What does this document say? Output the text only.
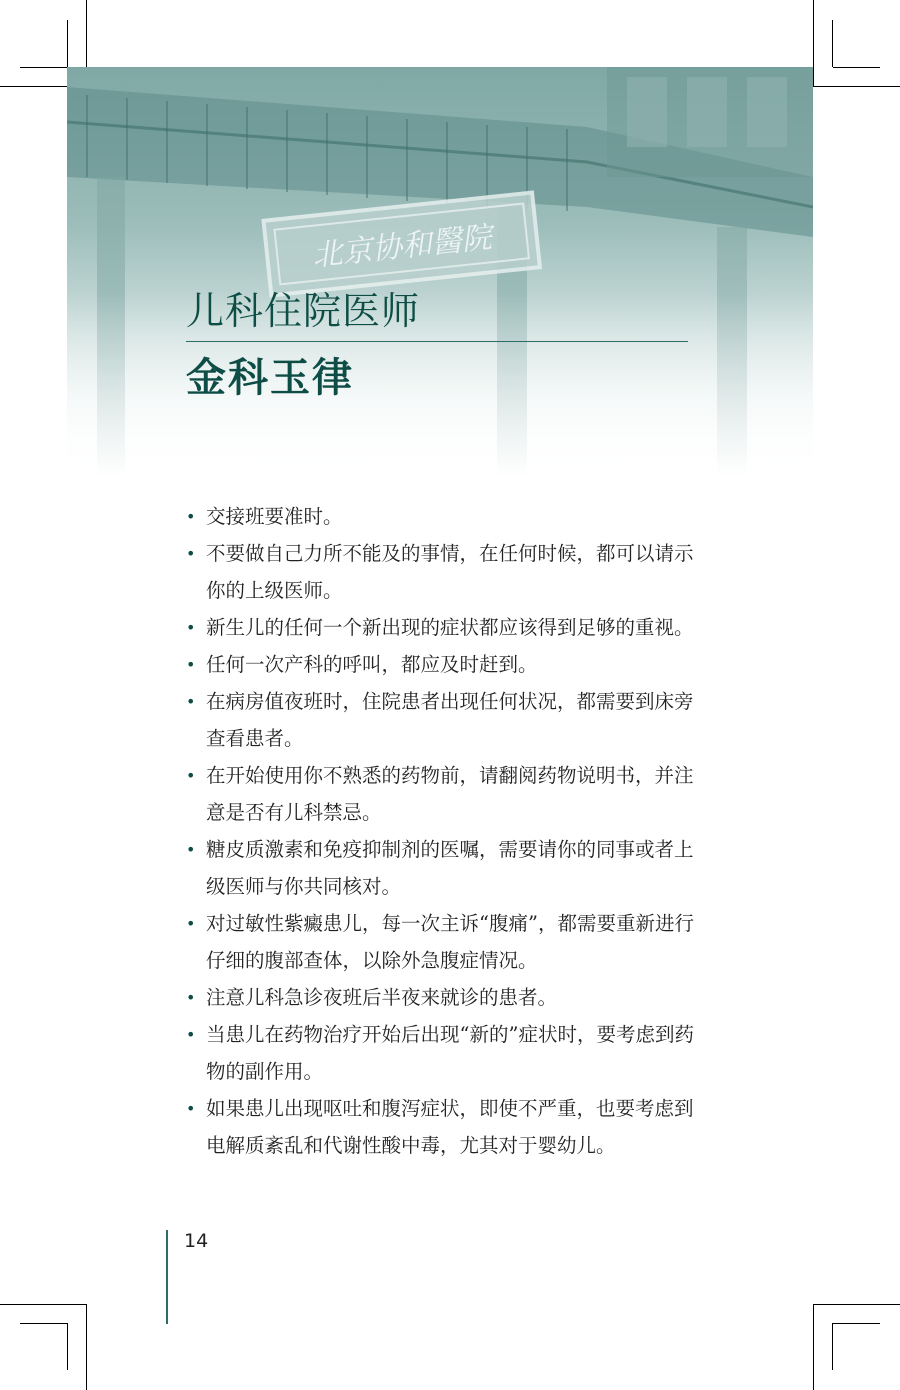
儿科住院医师
金科玉律
• 交接班要准时。
• 不要做自己力所不能及的事情，在任何时候，都可以请示你的上级医师。
• 新生儿的任何一个新出现的症状都应该得到足够的重视。
• 任何一次产科的呼叫，都应及时赶到。
• 在病房值夜班时，住院患者出现任何状况，都需要到床旁查看患者。
• 在开始使用你不熟悉的药物前，请翻阅药物说明书，并注意是否有儿科禁忌。
• 糖皮质激素和免疫抑制剂的医嘱，需要请你的同事或者上级医师与你共同核对。
• 对过敏性紫癜患儿，每一次主诉“腹痛”，都需要重新进行仔细的腹部查体，以除外急腹症情况。
• 注意儿科急诊夜班后半夜来就诊的患者。
• 当患儿在药物治疗开始后出现“新的”症状时，要考虑到药物的副作用。
• 如果患儿出现呕吐和腹泻症状，即使不严重，也要考虑到电解质紊乱和代谢性酸中毒，尤其对于婴幼儿。
14
